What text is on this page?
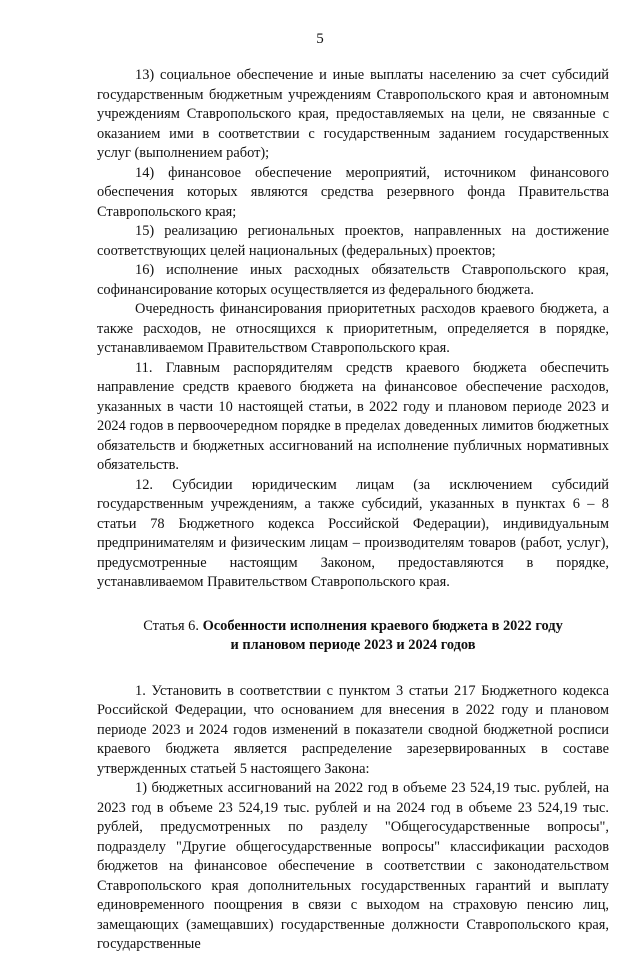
5

13) социальное обеспечение и иные выплаты населению за счет субсидий государственным бюджетным учреждениям Ставропольского края и автономным учреждениям Ставропольского края, предоставляемых на цели, не связанные с оказанием ими в соответствии с государственным заданием государственных услуг (выполнением работ);

14) финансовое обеспечение мероприятий, источником финансового обеспечения которых являются средства резервного фонда Правительства Ставропольского края;

15) реализацию региональных проектов, направленных на достижение соответствующих целей национальных (федеральных) проектов;

16) исполнение иных расходных обязательств Ставропольского края, софинансирование которых осуществляется из федерального бюджета.

Очередность финансирования приоритетных расходов краевого бюджета, а также расходов, не относящихся к приоритетным, определяется в порядке, устанавливаемом Правительством Ставропольского края.

11. Главным распорядителям средств краевого бюджета обеспечить направление средств краевого бюджета на финансовое обеспечение расходов, указанных в части 10 настоящей статьи, в 2022 году и плановом периоде 2023 и 2024 годов в первоочередном порядке в пределах доведенных лимитов бюджетных обязательств и бюджетных ассигнований на исполнение публичных нормативных обязательств.

12. Субсидии юридическим лицам (за исключением субсидий государственным учреждениям, а также субсидий, указанных в пунктах 6 – 8 статьи 78 Бюджетного кодекса Российской Федерации), индивидуальным предпринимателям и физическим лицам – производителям товаров (работ, услуг), предусмотренные настоящим Законом, предоставляются в порядке, устанавливаемом Правительством Ставропольского края.

Статья 6. Особенности исполнения краевого бюджета в 2022 году
и плановом периоде 2023 и 2024 годов

1. Установить в соответствии с пунктом 3 статьи 217 Бюджетного кодекса Российской Федерации, что основанием для внесения в 2022 году и плановом периоде 2023 и 2024 годов изменений в показатели сводной бюджетной росписи краевого бюджета является распределение зарезервированных в составе утвержденных статьей 5 настоящего Закона:

1) бюджетных ассигнований на 2022 год в объеме 23 524,19 тыс. рублей, на 2023 год в объеме 23 524,19 тыс. рублей и на 2024 год в объеме 23 524,19 тыс. рублей, предусмотренных по разделу "Общегосударственные вопросы", подразделу "Другие общегосударственные вопросы" классификации расходов бюджетов на финансовое обеспечение в соответствии с законодательством Ставропольского края дополнительных государственных гарантий и выплату единовременного поощрения в связи с выходом на страховую пенсию лиц, замещающих (замещавших) государственные должности Ставропольского края, государственные
